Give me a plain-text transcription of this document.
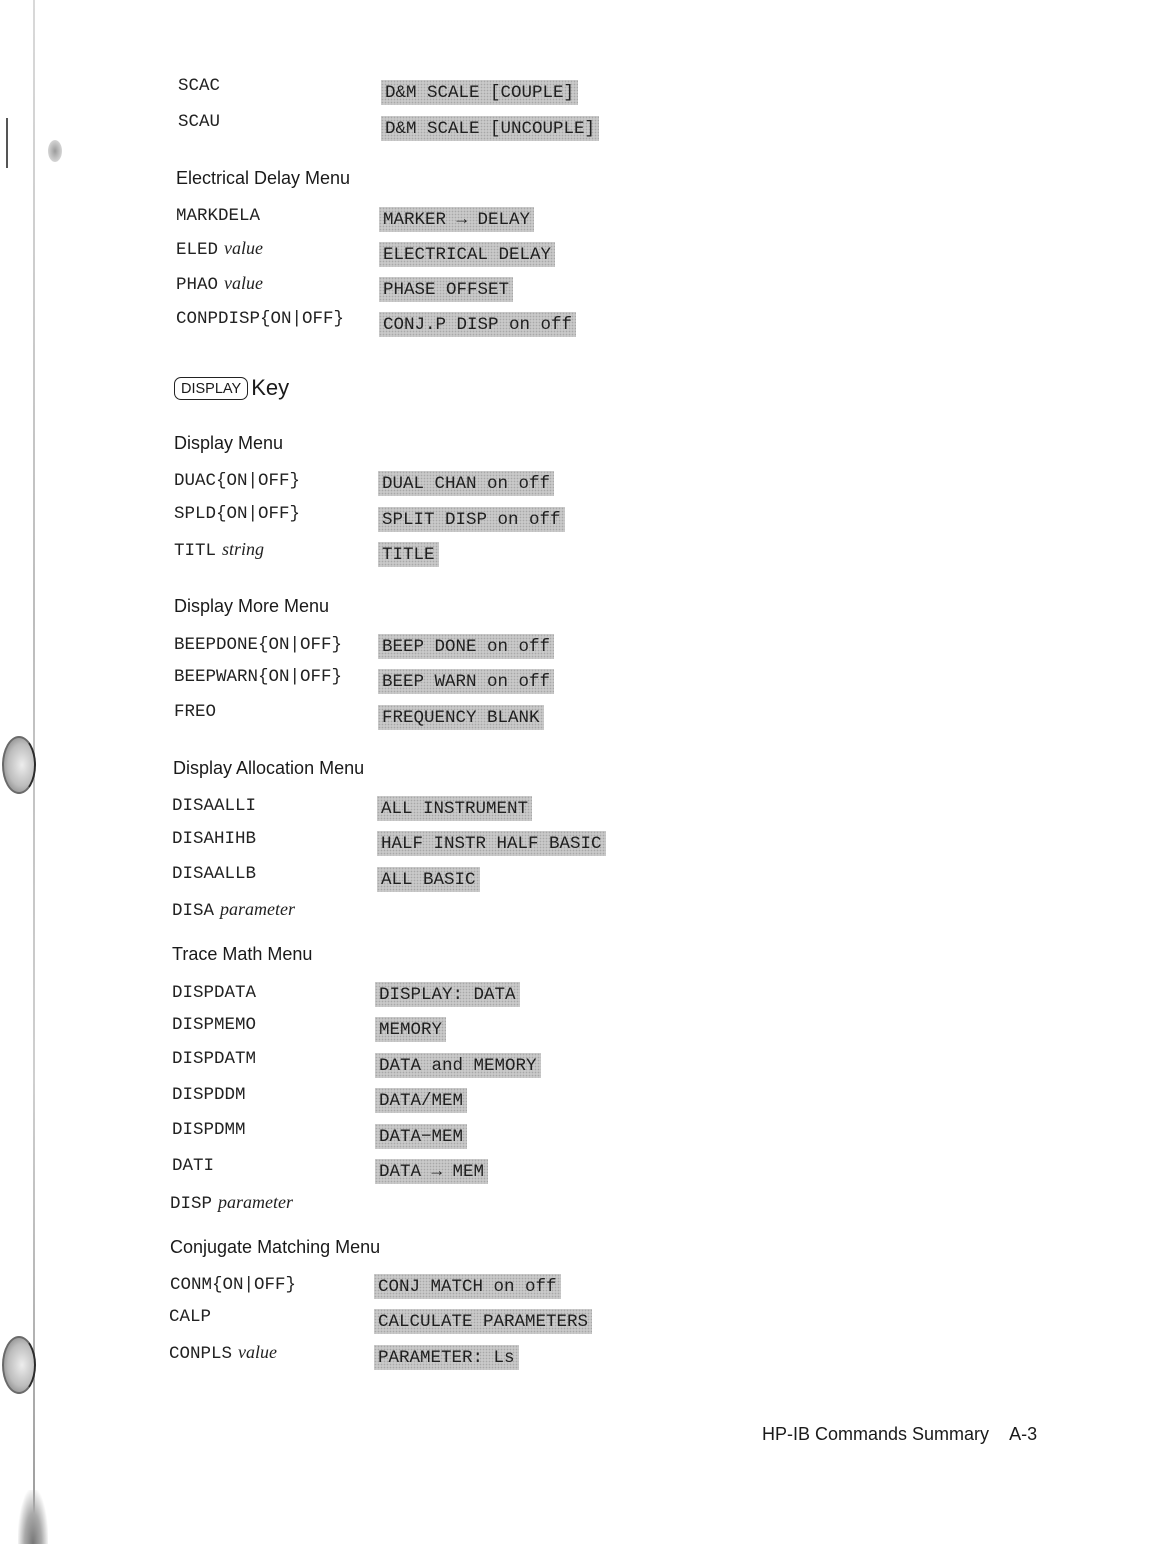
SCAC	D&M SCALE [COUPLE]
SCAU	D&M SCALE [UNCOUPLE]
Electrical Delay Menu
MARKDELA	MARKER → DELAY
ELED value	ELECTRICAL DELAY
PHAO value	PHASE OFFSET
CONPDISP{ON|OFF} CONJ.P DISP on off
DISPLAY Key
Display Menu
DUAC{ON|OFF}	DUAL CHAN on off
SPLD{ON|OFF}	SPLIT DISP on off
TITL string	TITLE
Display More Menu
BEEPDONE{ON|OFF} BEEP DONE on off
BEEPWARN{ON|OFF} BEEP WARN on off
FREO	FREQUENCY BLANK
Display Allocation Menu
DISAALLI	ALL INSTRUMENT
DISAHIHB	HALF INSTR HALF BASIC
DISAALLB	ALL BASIC
DISA parameter
Trace Math Menu
DISPDATA	DISPLAY: DATA
DISPMEMO	MEMORY
DISPDATM	DATA and MEMORY
DISPDDM	DATA/MEM
DISPDMM	DATA−MEM
DATI	DATA → MEM
DISP parameter
Conjugate Matching Menu
CONM{ON|OFF}	CONJ MATCH on off
CALP	CALCULATE PARAMETERS
CONPLS value	PARAMETER: Ls
HP-IB Commands Summary A-3
